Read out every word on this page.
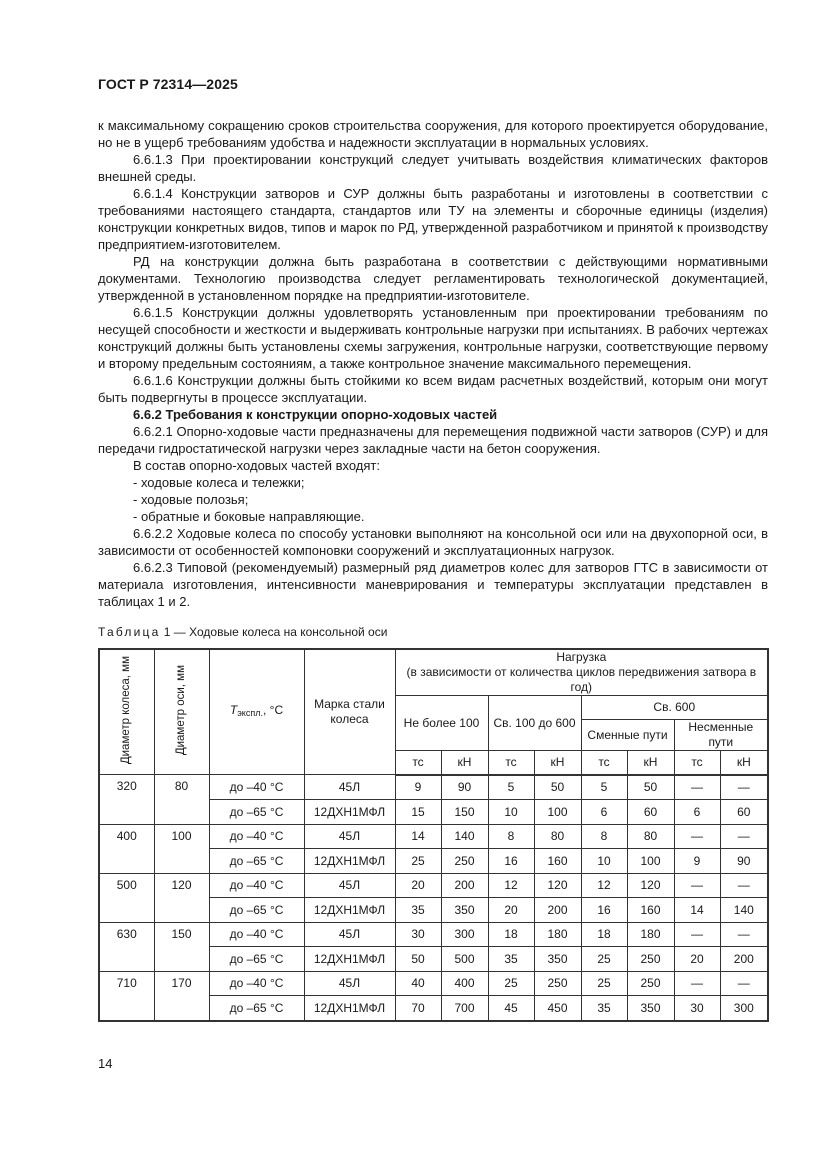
ГОСТ Р 72314—2025

к максимальному сокращению сроков строительства сооружения, для которого проектируется оборудование, но не в ущерб требованиям удобства и надежности эксплуатации в нормальных условиях.

6.6.1.3 При проектировании конструкций следует учитывать воздействия климатических факторов внешней среды.

6.6.1.4 Конструкции затворов и СУР должны быть разработаны и изготовлены в соответствии с требованиями настоящего стандарта, стандартов или ТУ на элементы и сборочные единицы (изделия) конструкции конкретных видов, типов и марок по РД, утвержденной разработчиком и принятой к производству предприятием-изготовителем.

РД на конструкции должна быть разработана в соответствии с действующими нормативными документами. Технологию производства следует регламентировать технологической документацией, утвержденной в установленном порядке на предприятии-изготовителе.

6.6.1.5 Конструкции должны удовлетворять установленным при проектировании требованиям по несущей способности и жесткости и выдерживать контрольные нагрузки при испытаниях. В рабочих чертежах конструкций должны быть установлены схемы загружения, контрольные нагрузки, соответствующие первому и второму предельным состояниям, а также контрольное значение максимального перемещения.

6.6.1.6 Конструкции должны быть стойкими ко всем видам расчетных воздействий, которым они могут быть подвергнуты в процессе эксплуатации.

6.6.2 Требования к конструкции опорно-ходовых частей

6.6.2.1 Опорно-ходовые части предназначены для перемещения подвижной части затворов (СУР) и для передачи гидростатической нагрузки через закладные части на бетон сооружения.

В состав опорно-ходовых частей входят:

- ходовые колеса и тележки;

- ходовые полозья;

- обратные и боковые направляющие.

6.6.2.2 Ходовые колеса по способу установки выполняют на консольной оси или на двухопорной оси, в зависимости от особенностей компоновки сооружений и эксплуатационных нагрузок.

6.6.2.3 Типовой (рекомендуемый) размерный ряд диаметров колес для затворов ГТС в зависимости от материала изготовления, интенсивности маневрирования и температуры эксплуатации представлен в таблицах 1 и 2.

Таблица 1 — Ходовые колеса на консольной оси
Диаметр колеса, мм	Диаметр оси, мм	$T_{экспл.}$, °C	Марка стали колеса	Нагрузка
(в зависимости от количества циклов передвижения затвора в год)							
				Не более 100		Св. 100 до 600		Св. 600			
								Сменные пути		Несменные пути	
				тс	кН	тс	кН	тс	кН	тс	кН
320	80	до –40 °C	45Л	9	90	5	50	5	50	—	—
		до –65 °C	12ДХН1МФЛ	15	150	10	100	6	60	6	60
400	100	до –40 °C	45Л	14	140	8	80	8	80	—	—
		до –65 °C	12ДХН1МФЛ	25	250	16	160	10	100	9	90
500	120	до –40 °C	45Л	20	200	12	120	12	120	—	—
		до –65 °C	12ДХН1МФЛ	35	350	20	200	16	160	14	140
630	150	до –40 °C	45Л	30	300	18	180	18	180	—	—
		до –65 °C	12ДХН1МФЛ	50	500	35	350	25	250	20	200
710	170	до –40 °C	45Л	40	400	25	250	25	250	—	—
		до –65 °C	12ДХН1МФЛ	70	700	45	450	35	350	30	300
14
